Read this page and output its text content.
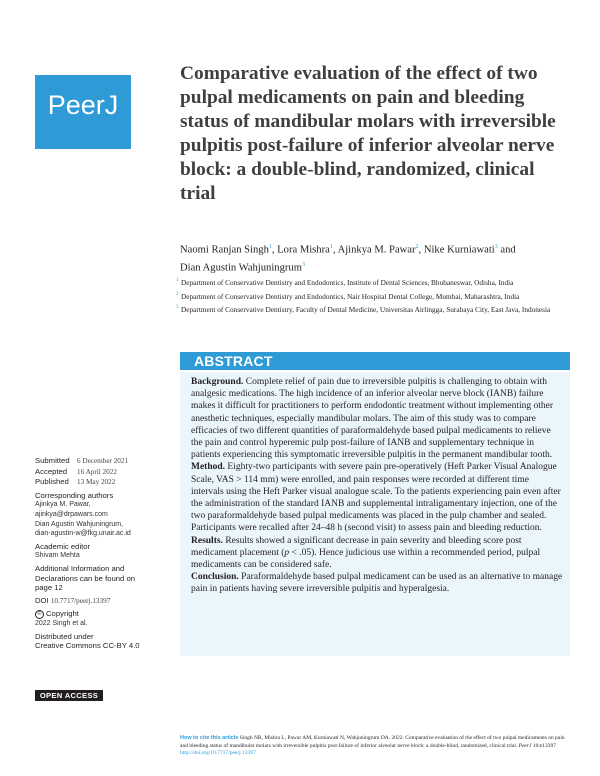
PeerJ
Comparative evaluation of the effect of two pulpal medicaments on pain and bleeding status of mandibular molars with irreversible pulpitis post-failure of inferior alveolar nerve block: a double-blind, randomized, clinical trial
Naomi Ranjan Singh$^1$, Lora Mishra$^1$, Ajinkya M. Pawar$^2$, Nike Kurniawati$^3$ and
Dian Agustin Wahjuningrum$^3$
1 Department of Conservative Dentistry and Endodontics, Institute of Dental Sciences, Bhubaneswar, Odisha, India
2 Department of Conservative Dentistry and Endodontics, Nair Hospital Dental College, Mumbai, Maharashtra, India
3 Department of Conservative Dentistry, Faculty of Dental Medicine, Universitas Airlingga, Surabaya City, East Java, Indonesia
ABSTRACT

Background. Complete relief of pain due to irreversible pulpitis is challenging to obtain with analgesic medications. The high incidence of an inferior alveolar nerve block (IANB) failure makes it difficult for practitioners to perform endodontic treatment without implementing other anesthetic techniques, especially mandibular molars. The aim of this study was to compare efficacies of two different quantities of paraformaldehyde based pulpal medicaments to relieve the pain and control hyperemic pulp post-failure of IANB and supplementary technique in patients experiencing this symptomatic irreversible pulpitis in the permanent mandibular tooth.

Method. Eighty-two participants with severe pain pre-operatively (Heft Parker Visual Analogue Scale, VAS > 114 mm) were enrolled, and pain responses were recorded at different time intervals using the Heft Parker visual analogue scale. To the patients experiencing pain even after the administration of the standard IANB and supplemental intraligamentary injection, one of the two paraformaldehyde based pulpal medicaments was placed in the pulp chamber and sealed. Participants were recalled after 24–48 h (second visit) to assess pain and bleeding reduction.

Results. Results showed a significant decrease in pain severity and bleeding score post medicament placement (p < .05). Hence judicious use within a recommended period, pulpal medicaments can be considered safe.

Conclusion. Paraformaldehyde based pulpal medicament can be used as an alternative to manage pain in patients having severe irreversible pulpitis and hyperalgesia.

Submitted 6 December 2021
Accepted 16 April 2022
Published 13 May 2022
Corresponding authors
Ajinkya M. Pawar,
ajinkya@drpawars.com
Dian Agustin Wahjuningrum,
dian-agustin-w@fkg.unair.ac.id
Academic editor
Shivam Mehta
Additional Information and
Declarations can be found on
page 12
DOI 10.7717/peerj.13397
© Copyright
2022 Singh et al.
Distributed under
Creative Commons CC-BY 4.0
OPEN ACCESS
How to cite this article Singh NR, Mishra L, Pawar AM, Kurniawati N, Wahjuningrum DA. 2022. Comparative evaluation of the effect of two pulpal medicaments on pain and bleeding status of mandibular molars with irreversible pulpitis post-failure of inferior alveolar nerve block: a double-blind, randomized, clinical trial. PeerJ 10:e13397 http://doi.org/10.7717/peerj.13397
